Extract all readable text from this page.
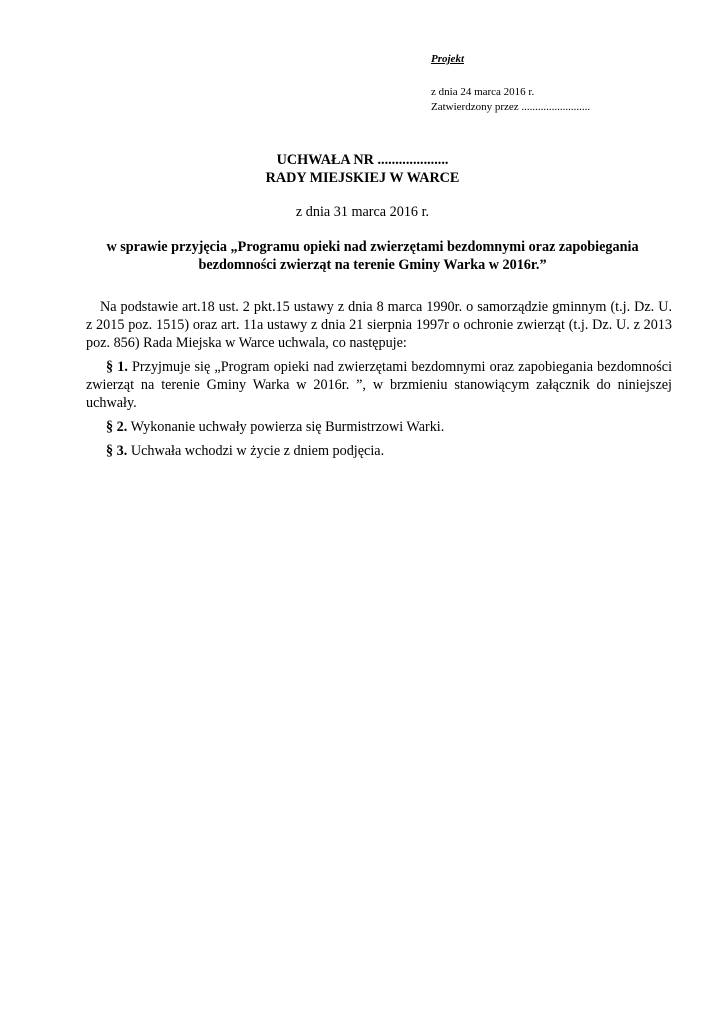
Projekt
z dnia 24 marca 2016 r.
Zatwierdzony przez .........................
UCHWAŁA NR ....................
RADY MIEJSKIEJ W WARCE
z dnia 31 marca 2016 r.
w sprawie przyjęcia „Programu opieki nad zwierzętami bezdomnymi oraz zapobiegania
bezdomności zwierząt na terenie Gminy Warka w 2016r.”

Na podstawie art.18 ust. 2 pkt.15 ustawy z dnia 8 marca 1990r. o samorządzie gminnym (t.j. Dz. U. z 2015 poz. 1515) oraz art. 11a ustawy z dnia 21 sierpnia 1997r o ochronie zwierząt (t.j. Dz. U. z 2013 poz. 856) Rada Miejska w Warce uchwala, co następuje:

§ 1. Przyjmuje się „Program opieki nad zwierzętami bezdomnymi oraz zapobiegania bezdomności zwierząt na terenie Gminy Warka w 2016r. ”, w brzmieniu stanowiącym załącznik do niniejszej uchwały.

§ 2. Wykonanie uchwały powierza się Burmistrzowi Warki.

§ 3. Uchwała wchodzi w życie z dniem podjęcia.
